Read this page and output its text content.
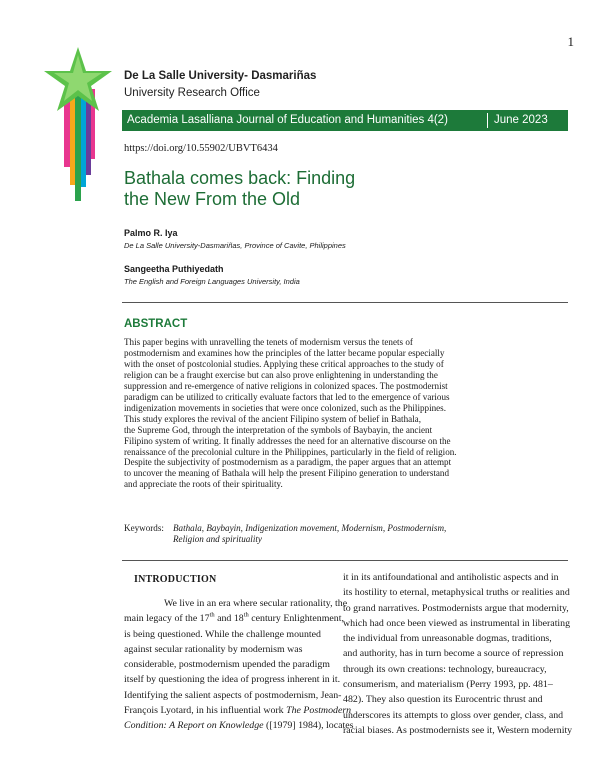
1
De La Salle University- Dasmariñas
University Research Office
Academia Lasalliana Journal of Education and Humanities 4(2)	June 2023
https://doi.org/10.55902/UBVT6434
Bathala comes back: Finding
the New From the Old
Palmo R. Iya
De La Salle University-Dasmariñas, Province of Cavite, Philippines
Sangeetha Puthiyedath
The English and Foreign Languages University, India
ABSTRACT
This paper begins with unravelling the tenets of modernism versus the tenets of
postmodernism and examines how the principles of the latter became popular especially
with the onset of postcolonial studies. Applying these critical approaches to the study of
religion can be a fraught exercise but can also prove enlightening in understanding the
suppression and re-emergence of native religions in colonized spaces. The postmodernist
paradigm can be utilized to critically evaluate factors that led to the emergence of various
indigenization movements in societies that were once colonized, such as the Philippines.
This study explores the revival of the ancient Filipino system of belief in Bathala,
the Supreme God, through the interpretation of the symbols of Baybayin, the ancient
Filipino system of writing. It finally addresses the need for an alternative discourse on the
renaissance of the precolonial culture in the Philippines, particularly in the field of religion.
Despite the subjectivity of postmodernism as a paradigm, the paper argues that an attempt
to uncover the meaning of Bathala will help the present Filipino generation to understand
and appreciate the roots of their spirituality.
Keywords: Bathala, Baybayin, Indigenization movement, Modernism, Postmodernism,
Religion and spirituality
INTRODUCTION
We live in an era where secular rationality, the
main legacy of the 17th and 18th century Enlightenment,
is being questioned. While the challenge mounted
against secular rationality by modernism was
considerable, postmodernism upended the paradigm
itself by questioning the idea of progress inherent in it.
Identifying the salient aspects of postmodernism, Jean-
François Lyotard, in his influential work The Postmodern
Condition: A Report on Knowledge ([1979] 1984), locates
it in its antifoundational and antiholistic aspects and in
its hostility to eternal, metaphysical truths or realities and
to grand narratives. Postmodernists argue that modernity,
which had once been viewed as instrumental in liberating
the individual from unreasonable dogmas, traditions,
and authority, has in turn become a source of repression
through its own creations: technology, bureaucracy,
consumerism, and materialism (Perry 1993, pp. 481–
482). They also question its Eurocentric thrust and
underscores its attempts to gloss over gender, class, and
racial biases. As postmodernists see it, Western modernity
